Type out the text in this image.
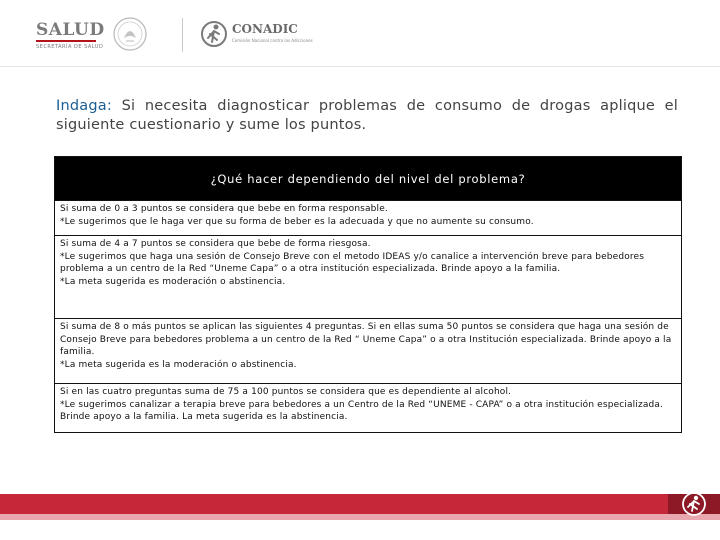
SALUD
SECRETARÍA DE SALUD
CONADIC
Comisión Nacional contra las Adicciones

Indaga: Si necesita diagnosticar problemas de consumo de drogas aplique el siguiente cuestionario y sume los puntos.

¿Qué hacer dependiendo del nivel del problema?

Si suma de 0 a 3 puntos se considera que bebe en forma responsable.

*Le sugerimos que le haga ver que su forma de beber es la adecuada y que no aumente su consumo.

Si suma de 4 a 7 puntos se considera que bebe de forma riesgosa.

*Le sugerimos que haga una sesión de Consejo Breve con el metodo IDEAS y/o canalice a intervención breve para bebedores problema a un centro de la Red “Uneme Capa” o a otra institución especializada. Brinde apoyo a la familia.

*La meta sugerida es moderación o abstinencia.

Si suma de 8 o más puntos se aplican las siguientes 4 preguntas. Si en ellas suma 50 puntos se considera que haga una sesión de Consejo Breve para bebedores problema a un centro de la Red “ Uneme Capa” o a otra Institución especializada. Brinde apoyo a la familia.

*La meta sugerida es la moderación o abstinencia.

Si en las cuatro preguntas suma de 75 a 100 puntos se considera que es dependiente al alcohol.

*Le sugerimos canalizar a terapia breve para bebedores a un Centro de la Red “UNEME - CAPA” o a otra institución especializada. Brinde apoyo a la familia. La meta sugerida es la abstinencia.
